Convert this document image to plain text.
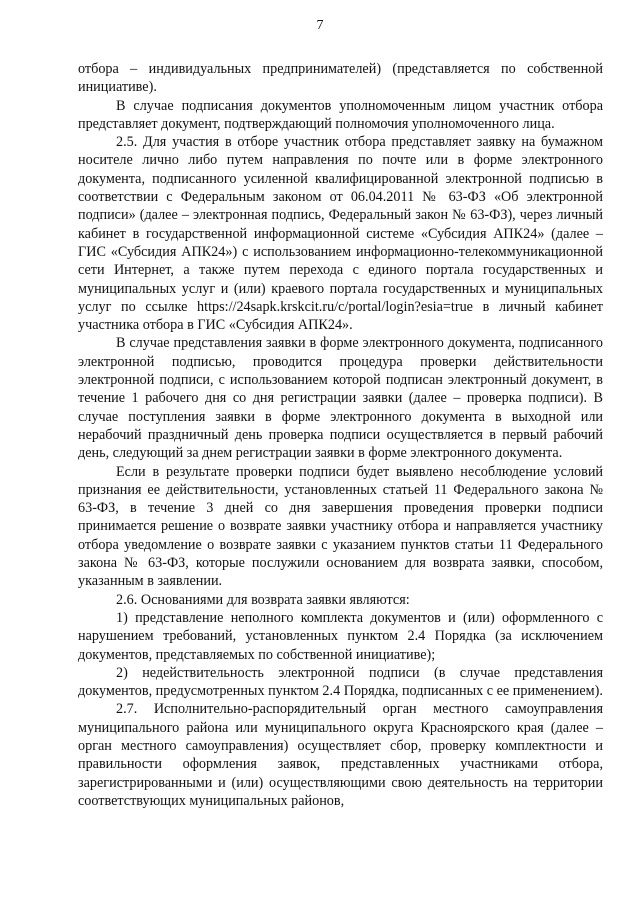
7

отбора – индивидуальных предпринимателей) (представляется по собственной инициативе).

В случае подписания документов уполномоченным лицом участник отбора представляет документ, подтверждающий полномочия уполномоченного лица.

2.5. Для участия в отборе участник отбора представляет заявку на бумажном носителе лично либо путем направления по почте или в форме электронного документа, подписанного усиленной квалифицированной электронной подписью в соответствии с Федеральным законом от 06.04.2011 № 63-ФЗ «Об электронной подписи» (далее – электронная подпись, Федеральный закон № 63-ФЗ), через личный кабинет в государственной информационной системе «Субсидия АПК24» (далее – ГИС «Субсидия АПК24») с использованием информационно-телекоммуникационной сети Интернет, а также путем перехода с единого портала государственных и муниципальных услуг и (или) краевого портала государственных и муниципальных услуг по ссылке https://24sapk.krskcit.ru/c/portal/login?esia=true в личный кабинет участника отбора в ГИС «Субсидия АПК24».

В случае представления заявки в форме электронного документа, подписанного электронной подписью, проводится процедура проверки действительности электронной подписи, с использованием которой подписан электронный документ, в течение 1 рабочего дня со дня регистрации заявки (далее – проверка подписи). В случае поступления заявки в форме электронного документа в выходной или нерабочий праздничный день проверка подписи осуществляется в первый рабочий день, следующий за днем регистрации заявки в форме электронного документа.

Если в результате проверки подписи будет выявлено несоблюдение условий признания ее действительности, установленных статьей 11 Федерального закона № 63-ФЗ, в течение 3 дней со дня завершения проведения проверки подписи принимается решение о возврате заявки участнику отбора и направляется участнику отбора уведомление о возврате заявки с указанием пунктов статьи 11 Федерального закона № 63-ФЗ, которые послужили основанием для возврата заявки, способом, указанным в заявлении.

2.6. Основаниями для возврата заявки являются:

1) представление неполного комплекта документов и (или) оформленного с нарушением требований, установленных пунктом 2.4 Порядка (за исключением документов, представляемых по собственной инициативе);

2) недействительность электронной подписи (в случае представления документов, предусмотренных пунктом 2.4 Порядка, подписанных с ее применением).

2.7. Исполнительно-распорядительный орган местного самоуправления муниципального района или муниципального округа Красноярского края (далее – орган местного самоуправления) осуществляет сбор, проверку комплектности и правильности оформления заявок, представленных участниками отбора, зарегистрированными и (или) осуществляющими свою деятельность на территории соответствующих муниципальных районов,
